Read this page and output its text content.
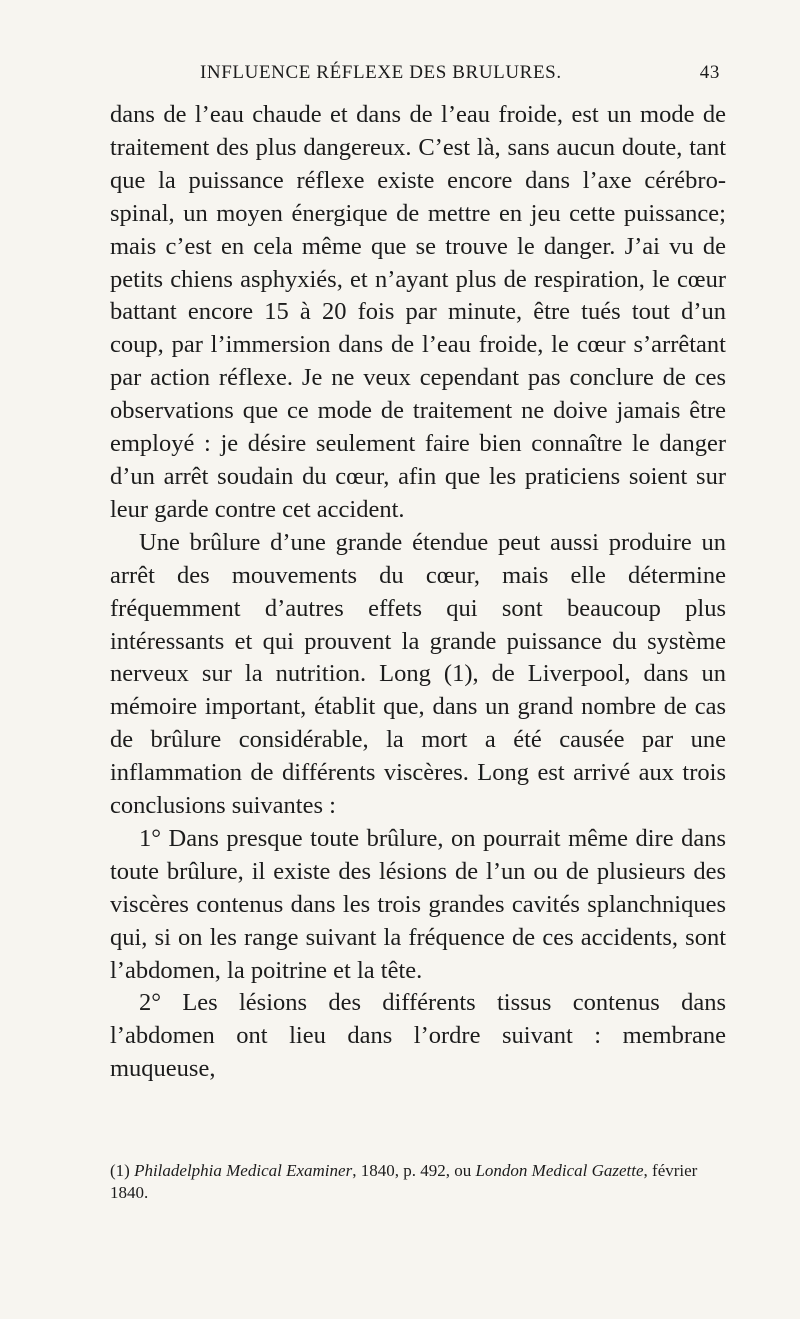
INFLUENCE RÉFLEXE DES BRULURES.	43

dans de l’eau chaude et dans de l’eau froide, est un mode de traitement des plus dangereux. C’est là, sans aucun doute, tant que la puissance réflexe existe encore dans l’axe cérébro-spinal, un moyen énergique de mettre en jeu cette puissance; mais c’est en cela même que se trouve le danger. J’ai vu de petits chiens asphyxiés, et n’ayant plus de respiration, le cœur battant encore 15 à 20 fois par minute, être tués tout d’un coup, par l’immersion dans de l’eau froide, le cœur s’arrêtant par action réflexe. Je ne veux cependant pas conclure de ces observations que ce mode de traitement ne doive jamais être employé : je désire seulement faire bien connaître le danger d’un arrêt soudain du cœur, afin que les praticiens soient sur leur garde contre cet accident.

Une brûlure d’une grande étendue peut aussi produire un arrêt des mouvements du cœur, mais elle détermine fréquemment d’autres effets qui sont beaucoup plus intéressants et qui prouvent la grande puissance du système nerveux sur la nutrition. Long (1), de Liverpool, dans un mémoire important, établit que, dans un grand nombre de cas de brûlure considérable, la mort a été causée par une inflammation de différents viscères. Long est arrivé aux trois conclusions suivantes :

1° Dans presque toute brûlure, on pourrait même dire dans toute brûlure, il existe des lésions de l’un ou de plusieurs des viscères contenus dans les trois grandes cavités splanchniques qui, si on les range suivant la fréquence de ces accidents, sont l’abdomen, la poitrine et la tête.

2° Les lésions des différents tissus contenus dans l’abdomen ont lieu dans l’ordre suivant : membrane muqueuse,

(1) Philadelphia Medical Examiner, 1840, p. 492, ou London Medical Gazette, février 1840.
